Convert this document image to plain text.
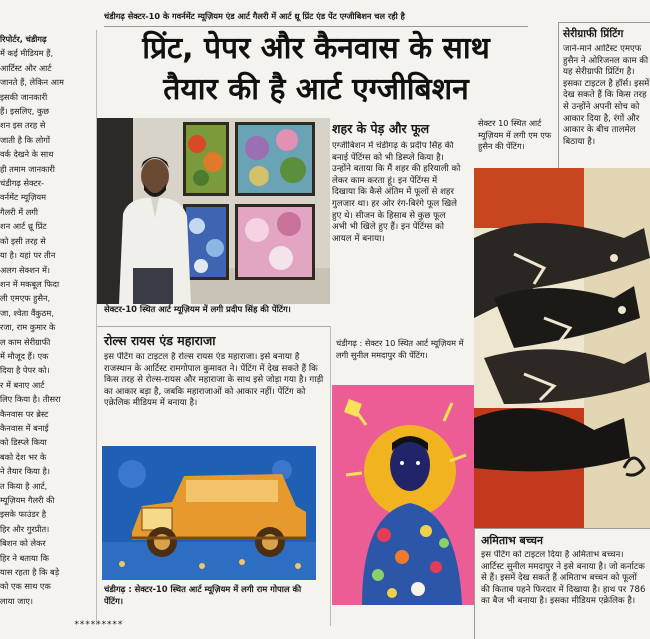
रिपोर्टर, चंडीगढ़

में कई मीडियम हैं,

आर्टिस्ट और आर्ट

जानते हैं, लेकिन आम

इसकी जानकारी

हैं। इसलिए, कुछ

शन इस तरह से

जाती है कि लोगों

वर्क देखने के साथ

ही तमाम जानकारी

चंडीगढ़ सेक्टर-

वर्नमेंट म्यूज़ियम

गैलरी में लगी

शन आर्ट थ्रू प्रिंट

को इसी तरह से

या है। यहां पर तीन

अलग सेक्शन में।

शन में मकबूल फिदा

ली एमएफ हुसैन,

जा, श्वेता वैंकुठम,

रजा, राम कुमार के

ल काम सेरीग्राफी

में मौजूद हैं। एक

दिया है पेपर को।

र में बनाए आर्ट

लिए किया है। तीसरा

कैनवास पर ब्रेस्ट

कैनवास में बनाई

को डिस्प्ले किया

बको देश भर के

ने तैयार किया है।

त किया है आर्ट,

म्यूज़ियम गैलरी की

इसके फाउंडर है

हिर और गुरप्रीत।

बिशन को लेकर

हिर ने बताया कि

यास रहता है कि बड़े

को एक साथ एक

लाया जाए।

*********
चंडीगढ़ सेक्टर-10 के गवर्नमेंट म्यूज़ियम एंड आर्ट गैलरी में आर्ट थ्रू प्रिंट एंड पेंट एग्जीबिशन चल रही है
प्रिंट, पेपर और कैनवास के साथ
तैयार की है आर्ट एग्जीबिशन
सेक्टर-10 स्थित आर्ट म्यूज़ियम में लगी प्रदीप सिंह की पेंटिंग।
शहर के पेड़ और फूल
एग्जीबिशन में चंडीगढ़ के प्रदीप सिंह की बनाई पेंटिंग्स को भी डिस्प्ले किया है। उन्होंने बताया कि मैं शहर की हरियाली को लेकर काम करता हूं। इन पेंटिंग्स में दिखाया कि कैसे अंतिम में फूलों से शहर गुलजार था। हर ओर रंग-बिरंगे फूल खिले हुए थे। सीजन के हिसाब से कुछ फूल अभी भी खिले हुए हैं। इन पेंटिंग्स को आयल में बनाया।
सेक्टर 10 स्थित आर्ट म्यूज़ियम में लगी एम एफ हुसैन की पेंटिंग।
सेरीग्राफी प्रिंटिंग
जाने-माने आर्टिस्ट एमएफ हुसैन ने ओरिजनल काम की यह सेरीग्राफी प्रिंटिंग है। इसका टाइटल है हॉर्स। इसमें देख सकते हैं कि किस तरह से उन्होंने अपनी सोच को आकार दिया है, रंगों और आकार के बीच तालमेल बिठाया है।
रोल्स रायस एंड महाराजा
इस पेंटिंग का टाइटल है रोल्स रायस एंड महाराजा। इसे बनाया है राजस्थान के आर्टिस्ट रामगोपाल कुमावत ने। पेंटिंग में देख सकते हैं कि किस तरह से रोल्स-रायस और महाराजा के साथ इसे जोड़ा गया है। गाड़ी का आकार बड़ा है, जबकि महाराजाओं को आकार नहीं। पेंटिंग को एक्रेलिक मीडियम में बनाया है।
चंडीगढ़ : सेक्टर-10 स्थित आर्ट म्यूज़ियम में लगी राम गोपाल की पेंटिंग।
चंडीगढ़ : सेक्टर 10 स्थित आर्ट म्यूज़ियम में लगी सुनील ममदापुर की पेंटिंग।
अमिताभ बच्चन
इस पेंटिंग को टाइटल दिया है अमिताभ बच्चन। आर्टिस्ट सुनील ममदापुर ने इसे बनाया है। जो कर्नाटक से हैं। इसमें देख सकते हैं अमिताभ बच्चन को फूलों की किताब पहने फिरदार में दिखाया है। हाथ पर 786 का बैज भी बनाया है। इसका मीडियम एक्रेलिक है।
